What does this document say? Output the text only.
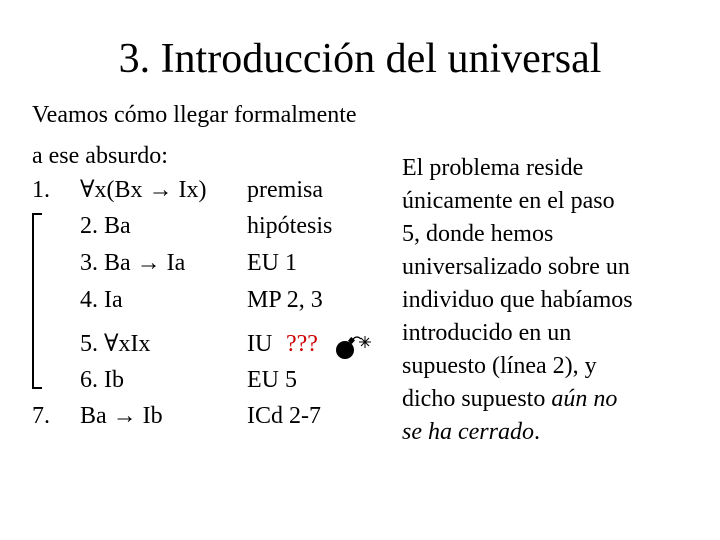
3. Introducción del universal
Veamos cómo llegar formalmente
a ese absurdo:
1. ∀x(Bx → Ix) premisa
2. Ba	hipótesis
3. Ba → Ia	EU 1
4. Ia	MP 2, 3
5. ∀xIx	IU ???
6. Ib	EU 5
7. Ba → Ib	ICd 2-7
El problema reside
únicamente en el paso
5, donde hemos
universalizado sobre un
individuo que habíamos
introducido en un
supuesto (línea 2), y
dicho supuesto aún no
se ha cerrado.
